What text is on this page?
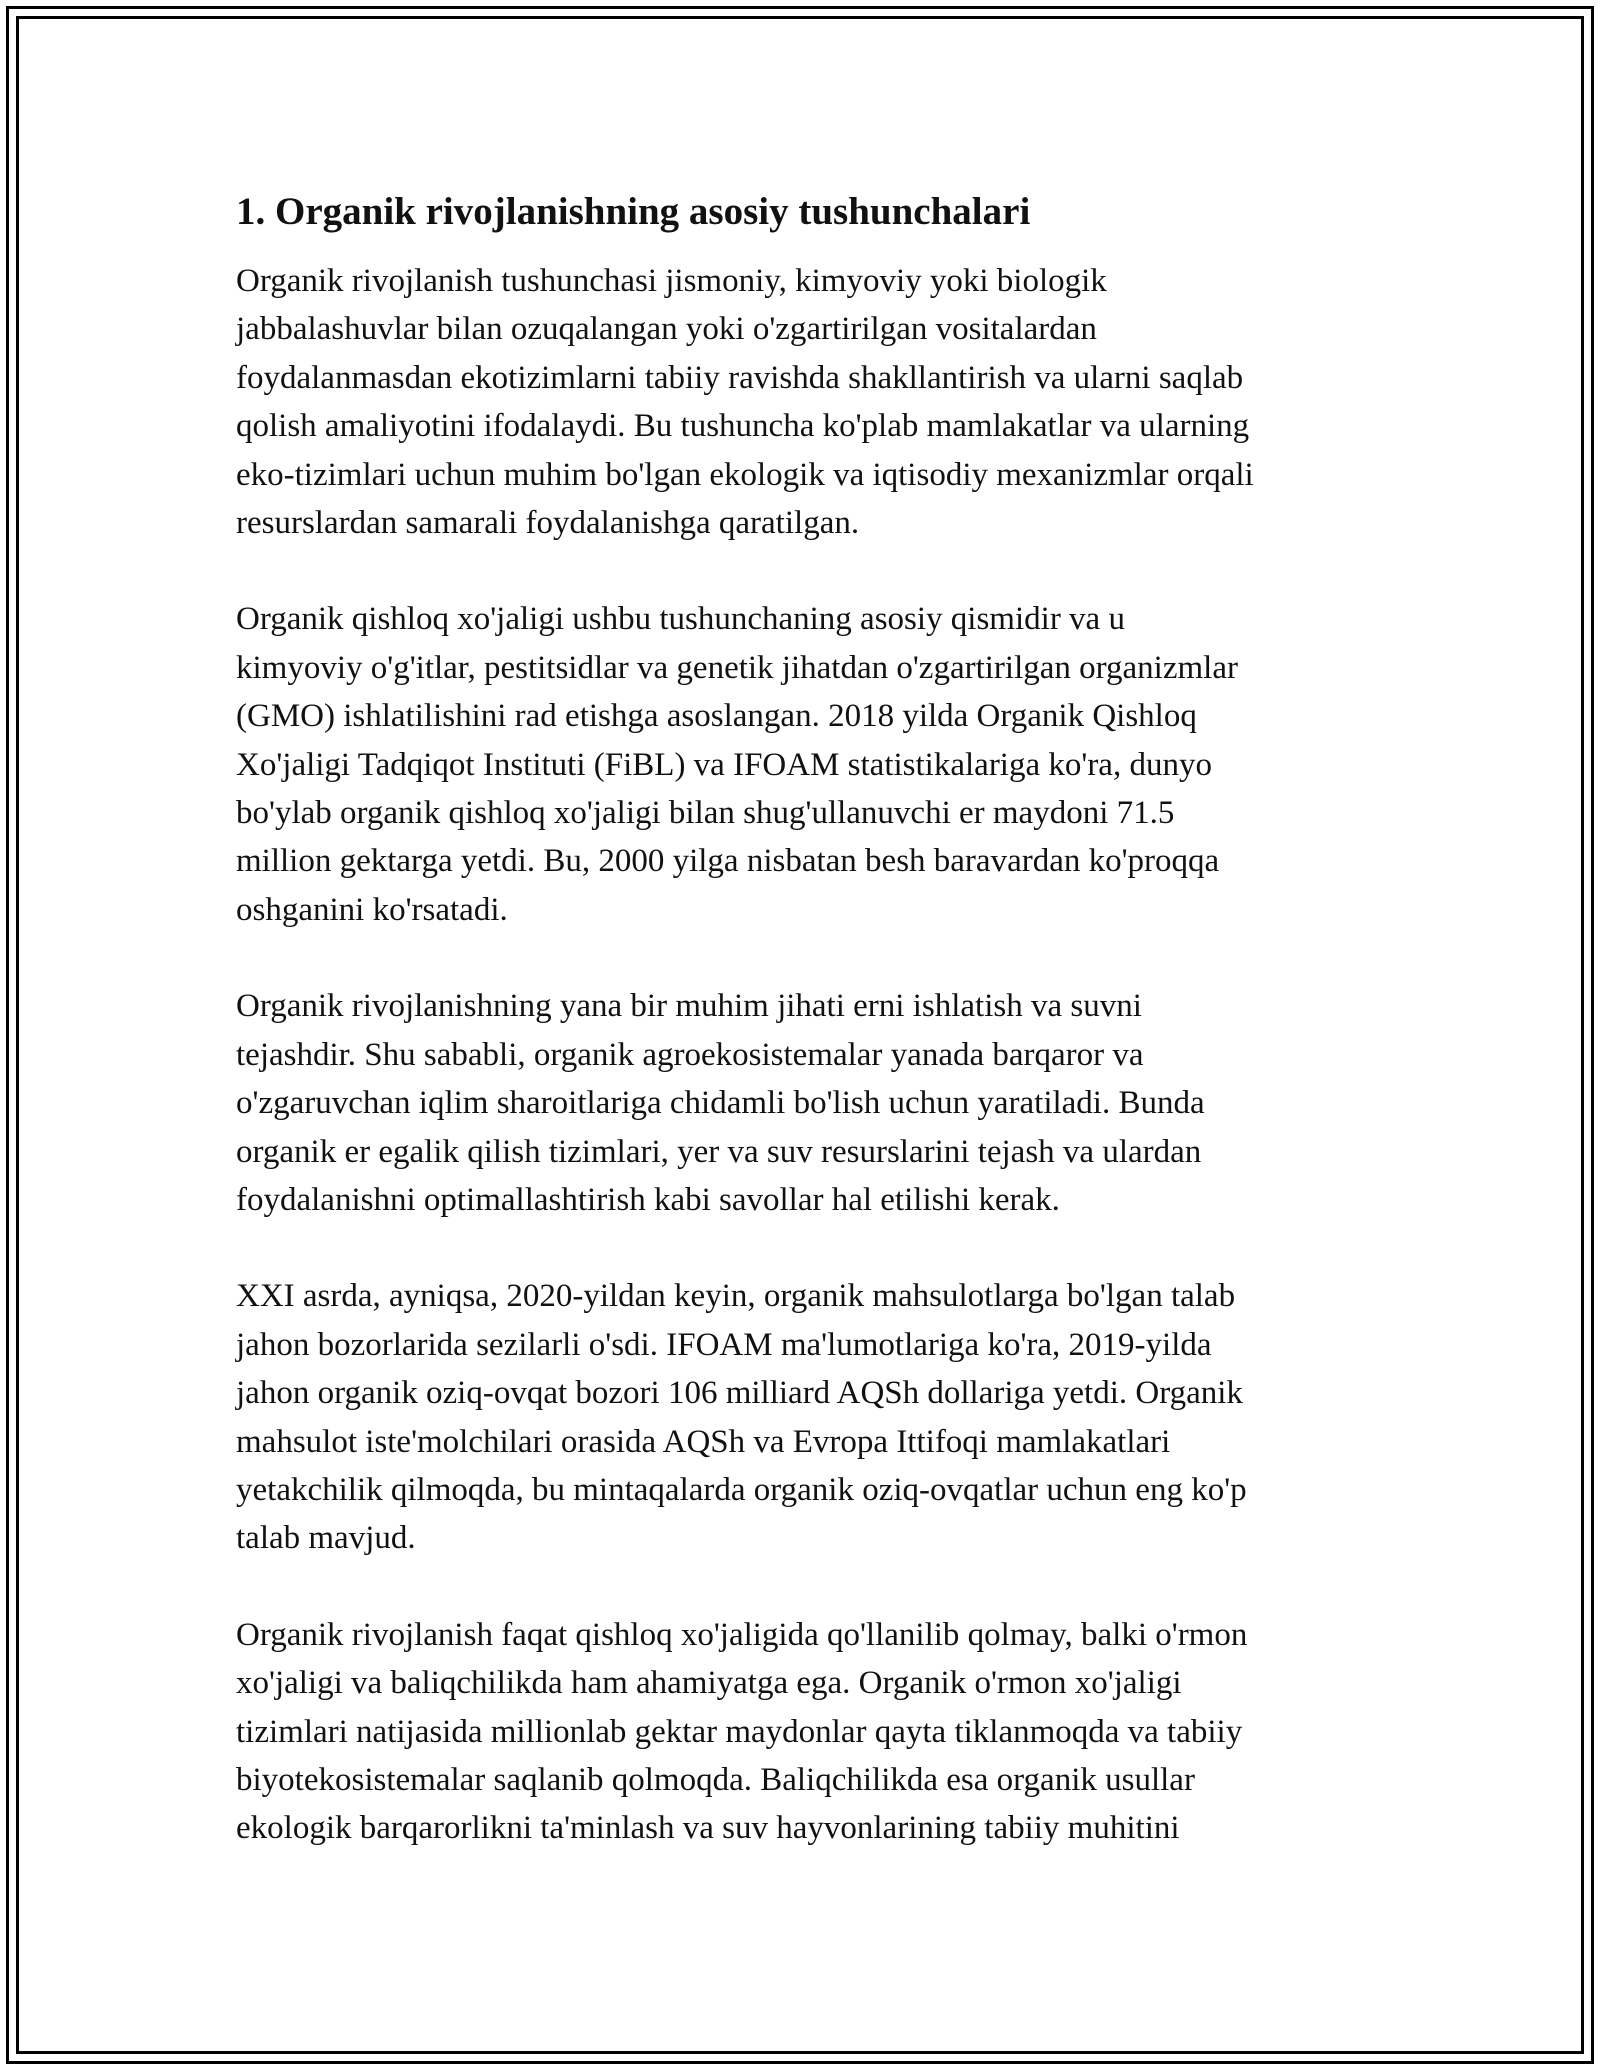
1. Organik rivojlanishning asosiy tushunchalari

Organik rivojlanish tushunchasi jismoniy, kimyoviy yoki biologik
jabbalashuvlar bilan ozuqalangan yoki o'zgartirilgan vositalardan
foydalanmasdan ekotizimlarni tabiiy ravishda shakllantirish va ularni saqlab
qolish amaliyotini ifodalaydi. Bu tushuncha ko'plab mamlakatlar va ularning
eko-tizimlari uchun muhim bo'lgan ekologik va iqtisodiy mexanizmlar orqali
resurslardan samarali foydalanishga qaratilgan.

Organik qishloq xo'jaligi ushbu tushunchaning asosiy qismidir va u
kimyoviy o'g'itlar, pestitsidlar va genetik jihatdan o'zgartirilgan organizmlar
(GMO) ishlatilishini rad etishga asoslangan. 2018 yilda Organik Qishloq
Xo'jaligi Tadqiqot Instituti (FiBL) va IFOAM statistikalariga ko'ra, dunyo
bo'ylab organik qishloq xo'jaligi bilan shug'ullanuvchi er maydoni 71.5
million gektarga yetdi. Bu, 2000 yilga nisbatan besh baravardan ko'proqqa
oshganini ko'rsatadi.

Organik rivojlanishning yana bir muhim jihati erni ishlatish va suvni
tejashdir. Shu sababli, organik agroekosistemalar yanada barqaror va
o'zgaruvchan iqlim sharoitlariga chidamli bo'lish uchun yaratiladi. Bunda
organik er egalik qilish tizimlari, yer va suv resurslarini tejash va ulardan
foydalanishni optimallashtirish kabi savollar hal etilishi kerak.

XXI asrda, ayniqsa, 2020-yildan keyin, organik mahsulotlarga bo'lgan talab
jahon bozorlarida sezilarli o'sdi. IFOAM ma'lumotlariga ko'ra, 2019-yilda
jahon organik oziq-ovqat bozori 106 milliard AQSh dollariga yetdi. Organik
mahsulot iste'molchilari orasida AQSh va Evropa Ittifoqi mamlakatlari
yetakchilik qilmoqda, bu mintaqalarda organik oziq-ovqatlar uchun eng ko'p
talab mavjud.

Organik rivojlanish faqat qishloq xo'jaligida qo'llanilib qolmay, balki o'rmon
xo'jaligi va baliqchilikda ham ahamiyatga ega. Organik o'rmon xo'jaligi
tizimlari natijasida millionlab gektar maydonlar qayta tiklanmoqda va tabiiy
biyotekosistemalar saqlanib qolmoqda. Baliqchilikda esa organik usullar
ekologik barqarorlikni ta'minlash va suv hayvonlarining tabiiy muhitini
